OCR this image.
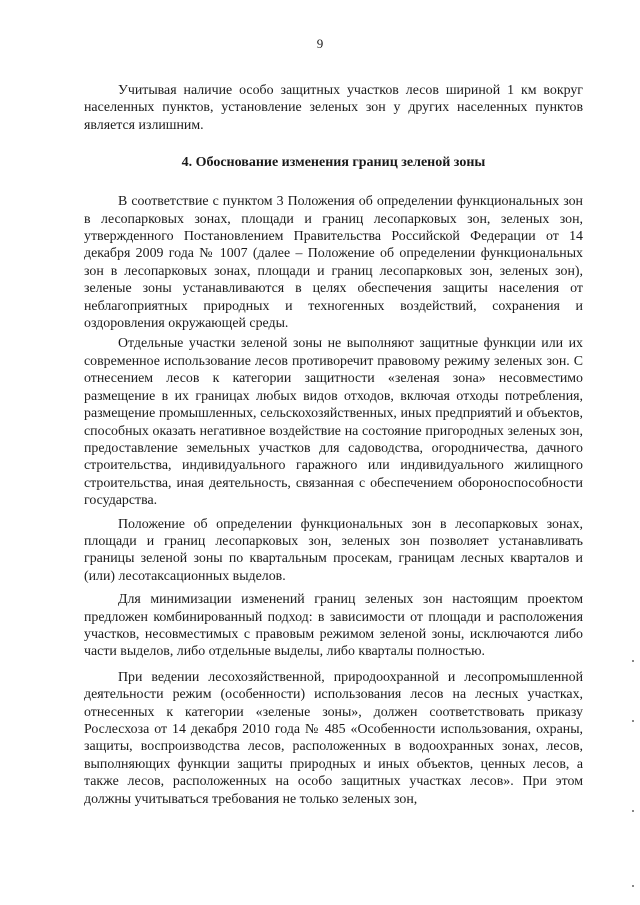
9

Учитывая наличие особо защитных участков лесов шириной 1 км вокруг населенных пунктов, установление зеленых зон у других населенных пунктов является излишним.

4. Обоснование изменения границ зеленой зоны

В соответствие с пунктом 3 Положения об определении функциональных зон в лесопарковых зонах, площади и границ лесопарковых зон, зеленых зон, утвержденного Постановлением Правительства Российской Федерации от 14 декабря 2009 года № 1007 (далее – Положение об определении функциональных зон в лесопарковых зонах, площади и границ лесопарковых зон, зеленых зон), зеленые зоны устанавливаются в целях обеспечения защиты населения от неблагоприятных природных и техногенных воздействий, сохранения и оздоровления окружающей среды.

Отдельные участки зеленой зоны не выполняют защитные функции или их современное использование лесов противоречит правовому режиму зеленых зон. С отнесением лесов к категории защитности «зеленая зона» несовместимо размещение в их границах любых видов отходов, включая отходы потребления, размещение промышленных, сельскохозяйственных, иных предприятий и объектов, способных оказать негативное воздействие на состояние пригородных зеленых зон, предоставление земельных участков для садоводства, огородничества, дачного строительства, индивидуального гаражного или индивидуального жилищного строительства, иная деятельность, связанная с обеспечением обороноспособности государства.

Положение об определении функциональных зон в лесопарковых зонах, площади и границ лесопарковых зон, зеленых зон позволяет устанавливать границы зеленой зоны по квартальным просекам, границам лесных кварталов и (или) лесотаксационных выделов.

Для минимизации изменений границ зеленых зон настоящим проектом предложен комбинированный подход: в зависимости от площади и расположения участков, несовместимых с правовым режимом зеленой зоны, исключаются либо части выделов, либо отдельные выделы, либо кварталы полностью.

При ведении лесохозяйственной, природоохранной и лесопромышленной деятельности режим (особенности) использования лесов на лесных участках, отнесенных к категории «зеленые зоны», должен соответствовать приказу Рослесхоза от 14 декабря 2010 года № 485 «Особенности использования, охраны, защиты, воспроизводства лесов, расположенных в водоохранных зонах, лесов, выполняющих функции защиты природных и иных объектов, ценных лесов, а также лесов, расположенных на особо защитных участках лесов». При этом должны учитываться требования не только зеленых зон,
